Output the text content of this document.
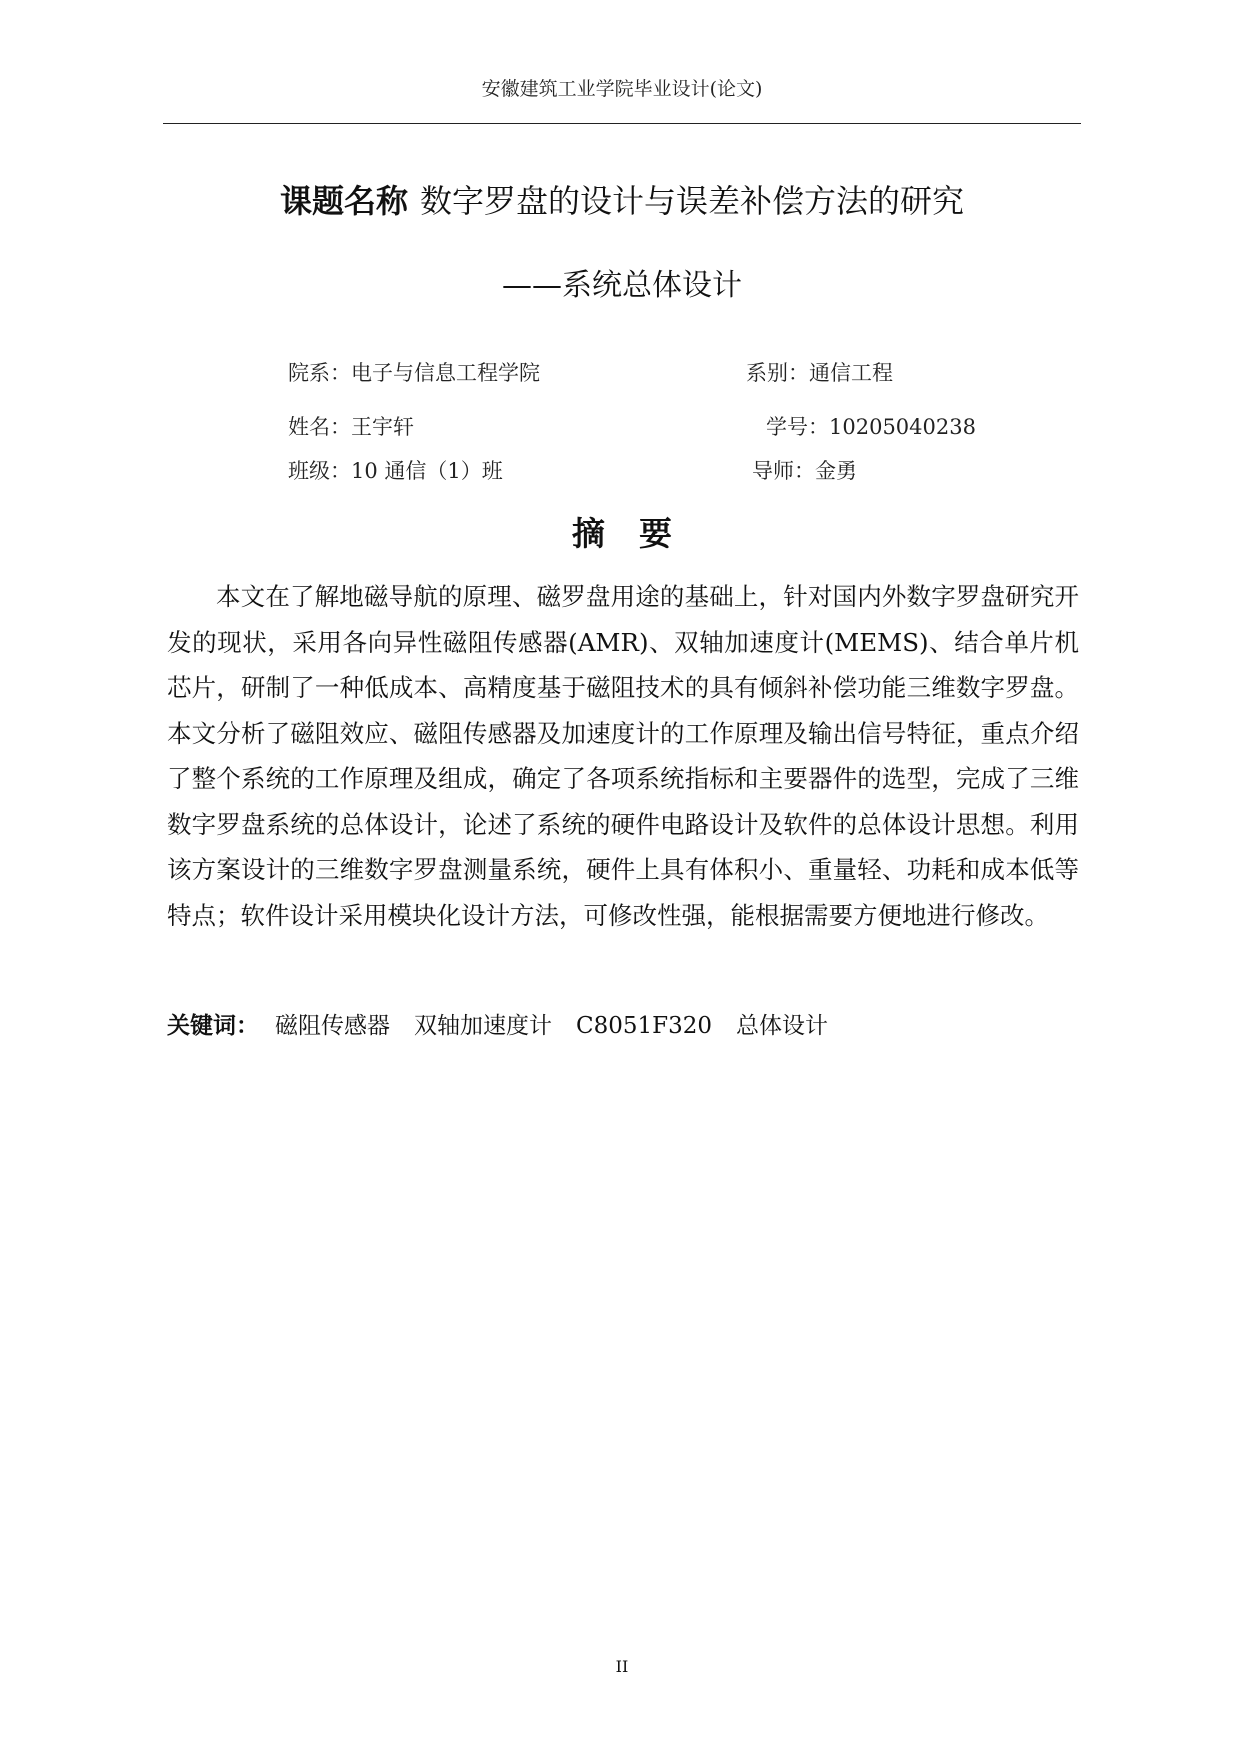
安徽建筑工业学院毕业设计(论文)
课题名称 数字罗盘的设计与误差补偿方法的研究
——系统总体设计
院系：电子与信息工程学院	系别：通信工程
姓名：王宇轩	学号：10205040238
班级：10 通信（1）班	导师：金勇
摘要
本文在了解地磁导航的原理、磁罗盘用途的基础上，针对国内外数字罗盘研究开发的现状，采用各向异性磁阻传感器(AMR)、双轴加速度计(MEMS)、结合单片机芯片，研制了一种低成本、高精度基于磁阻技术的具有倾斜补偿功能三维数字罗盘。本文分析了磁阻效应、磁阻传感器及加速度计的工作原理及输出信号特征，重点介绍了整个系统的工作原理及组成，确定了各项系统指标和主要器件的选型，完成了三维数字罗盘系统的总体设计，论述了系统的硬件电路设计及软件的总体设计思想。利用该方案设计的三维数字罗盘测量系统，硬件上具有体积小、重量轻、功耗和成本低等特点；软件设计采用模块化设计方法，可修改性强，能根据需要方便地进行修改。
关键词： 磁阻传感器 双轴加速度计 C8051F320 总体设计
II
